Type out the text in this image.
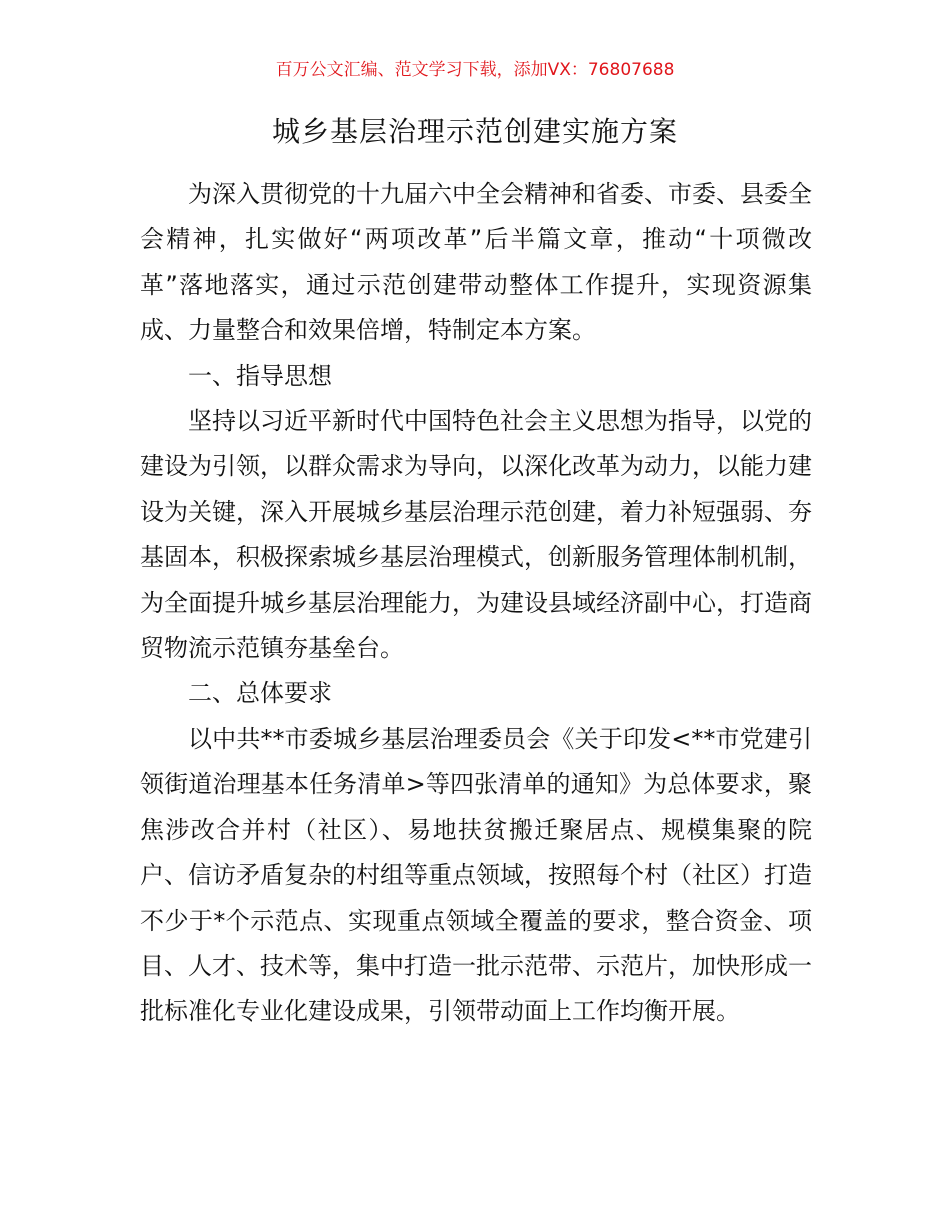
百万公文汇编、范文学习下载，添加VX：76807688
城乡基层治理示范创建实施方案

为深入贯彻党的十九届六中全会精神和省委、市委、县委全会精神，扎实做好“两项改革”后半篇文章，推动“十项微改革”落地落实，通过示范创建带动整体工作提升，实现资源集成、力量整合和效果倍增，特制定本方案。

一、指导思想

坚持以习近平新时代中国特色社会主义思想为指导，以党的建设为引领，以群众需求为导向，以深化改革为动力，以能力建设为关键，深入开展城乡基层治理示范创建，着力补短强弱、夯基固本，积极探索城乡基层治理模式，创新服务管理体制机制，为全面提升城乡基层治理能力，为建设县域经济副中心，打造商贸物流示范镇夯基垒台。

二、总体要求

以中共**市委城乡基层治理委员会《关于印发<**市党建引领街道治理基本任务清单>等四张清单的通知》为总体要求，聚焦涉改合并村（社区）、易地扶贫搬迁聚居点、规模集聚的院户、信访矛盾复杂的村组等重点领域，按照每个村（社区）打造不少于*个示范点、实现重点领域全覆盖的要求，整合资金、项目、人才、技术等，集中打造一批示范带、示范片，加快形成一批标准化专业化建设成果，引领带动面上工作均衡开展。
